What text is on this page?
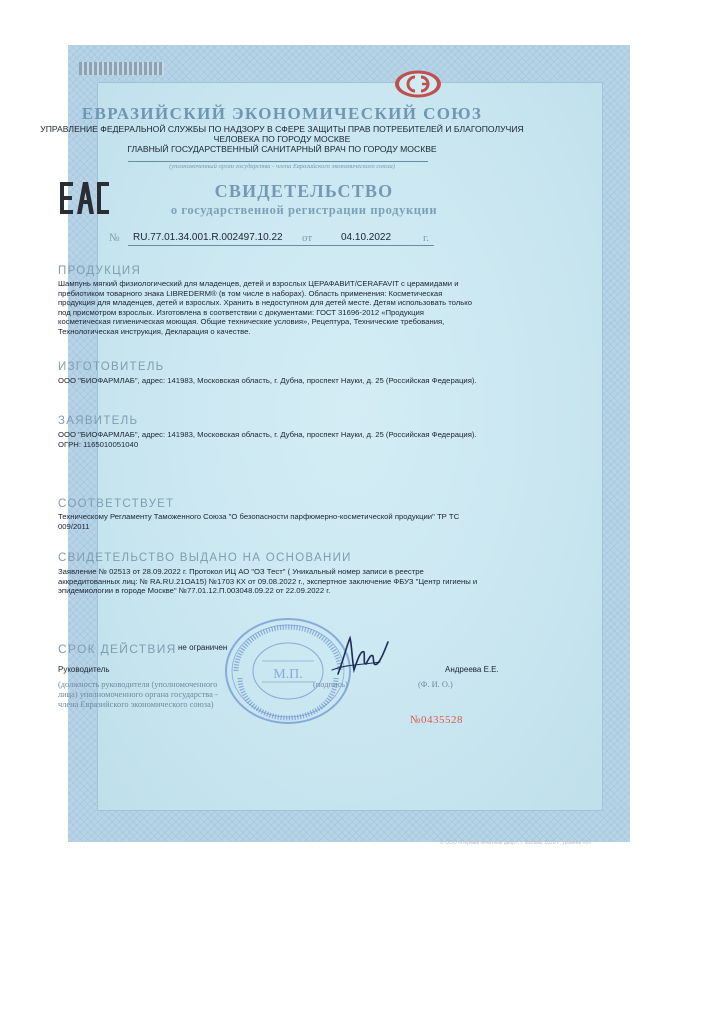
ЕВРАЗИЙСКИЙ ЭКОНОМИЧЕСКИЙ СОЮЗ
УПРАВЛЕНИЕ ФЕДЕРАЛЬНОЙ СЛУЖБЫ ПО НАДЗОРУ В СФЕРЕ ЗАЩИТЫ ПРАВ ПОТРЕБИТЕЛЕЙ И БЛАГОПОЛУЧИЯ
ЧЕЛОВЕКА ПО ГОРОДУ МОСКВЕ
ГЛАВНЫЙ ГОСУДАРСТВЕННЫЙ САНИТАРНЫЙ ВРАЧ ПО ГОРОДУ МОСКВЕ
(уполномоченный орган государства - члена Евразийского экономического союза)
СВИДЕТЕЛЬСТВО
о государственной регистрации продукции
№ RU.77.01.34.001.R.002497.10.22 от	04.10.2022	г.
ПРОДУКЦИЯ
Шампунь мягкий физиологический для младенцев, детей и взрослых ЦЕРАФАВИТ/CERAFAVIT с церамидами и
пребиотиком товарного знака LIBREDERM® (в том числе в наборах). Область применения: Косметическая
продукция для младенцев, детей и взрослых. Хранить в недоступном для детей месте. Детям использовать только
под присмотром взрослых. Изготовлена в соответствии с документами: ГОСТ 31696-2012 «Продукция
косметическая гигиеническая моющая. Общие технические условия», Рецептура, Технические требования,
Технологическая инструкция, Декларация о качестве.
ИЗГОТОВИТЕЛЬ
ООО "БИОФАРМЛАБ", адрес: 141983, Московская область, г. Дубна, проспект Науки, д. 25 (Российская Федерация).
ЗАЯВИТЕЛЬ
ООО "БИОФАРМЛАБ", адрес: 141983, Московская область, г. Дубна, проспект Науки, д. 25 (Российская Федерация).
ОГРН: 1165010051040
СООТВЕТСТВУЕТ
Техническому Регламенту Таможенного Союза "О безопасности парфюмерно-косметической продукции" ТР ТС
009/2011
СВИДЕТЕЛЬСТВО ВЫДАНО НА ОСНОВАНИИ
Заявление № 02513 от 28.09.2022 г. Протокол ИЦ АО "ОЗ Тест" ( Уникальный номер записи в реестре
аккредитованных лиц: № RA.RU.21ОА15) №1703 КХ от 09.08.2022 г., экспертное заключение ФБУЗ "Центр гигиены и
эпидемиологии в городе Москве" №77.01.12.П.003048.09.22 от 22.09.2022 г.
СРОК ДЕЙСТВИЯ не ограничен
М.П.
Руководитель	Андреева Е.Е.
(должность руководителя (уполномоченного
лица) уполномоченного органа государства -
члена Евразийского экономического союза)
(подпись)	(Ф. И. О.)
№0435528
© ООО «Первый печатный двор», г. Москва, 2020 г., уровень «Б»
